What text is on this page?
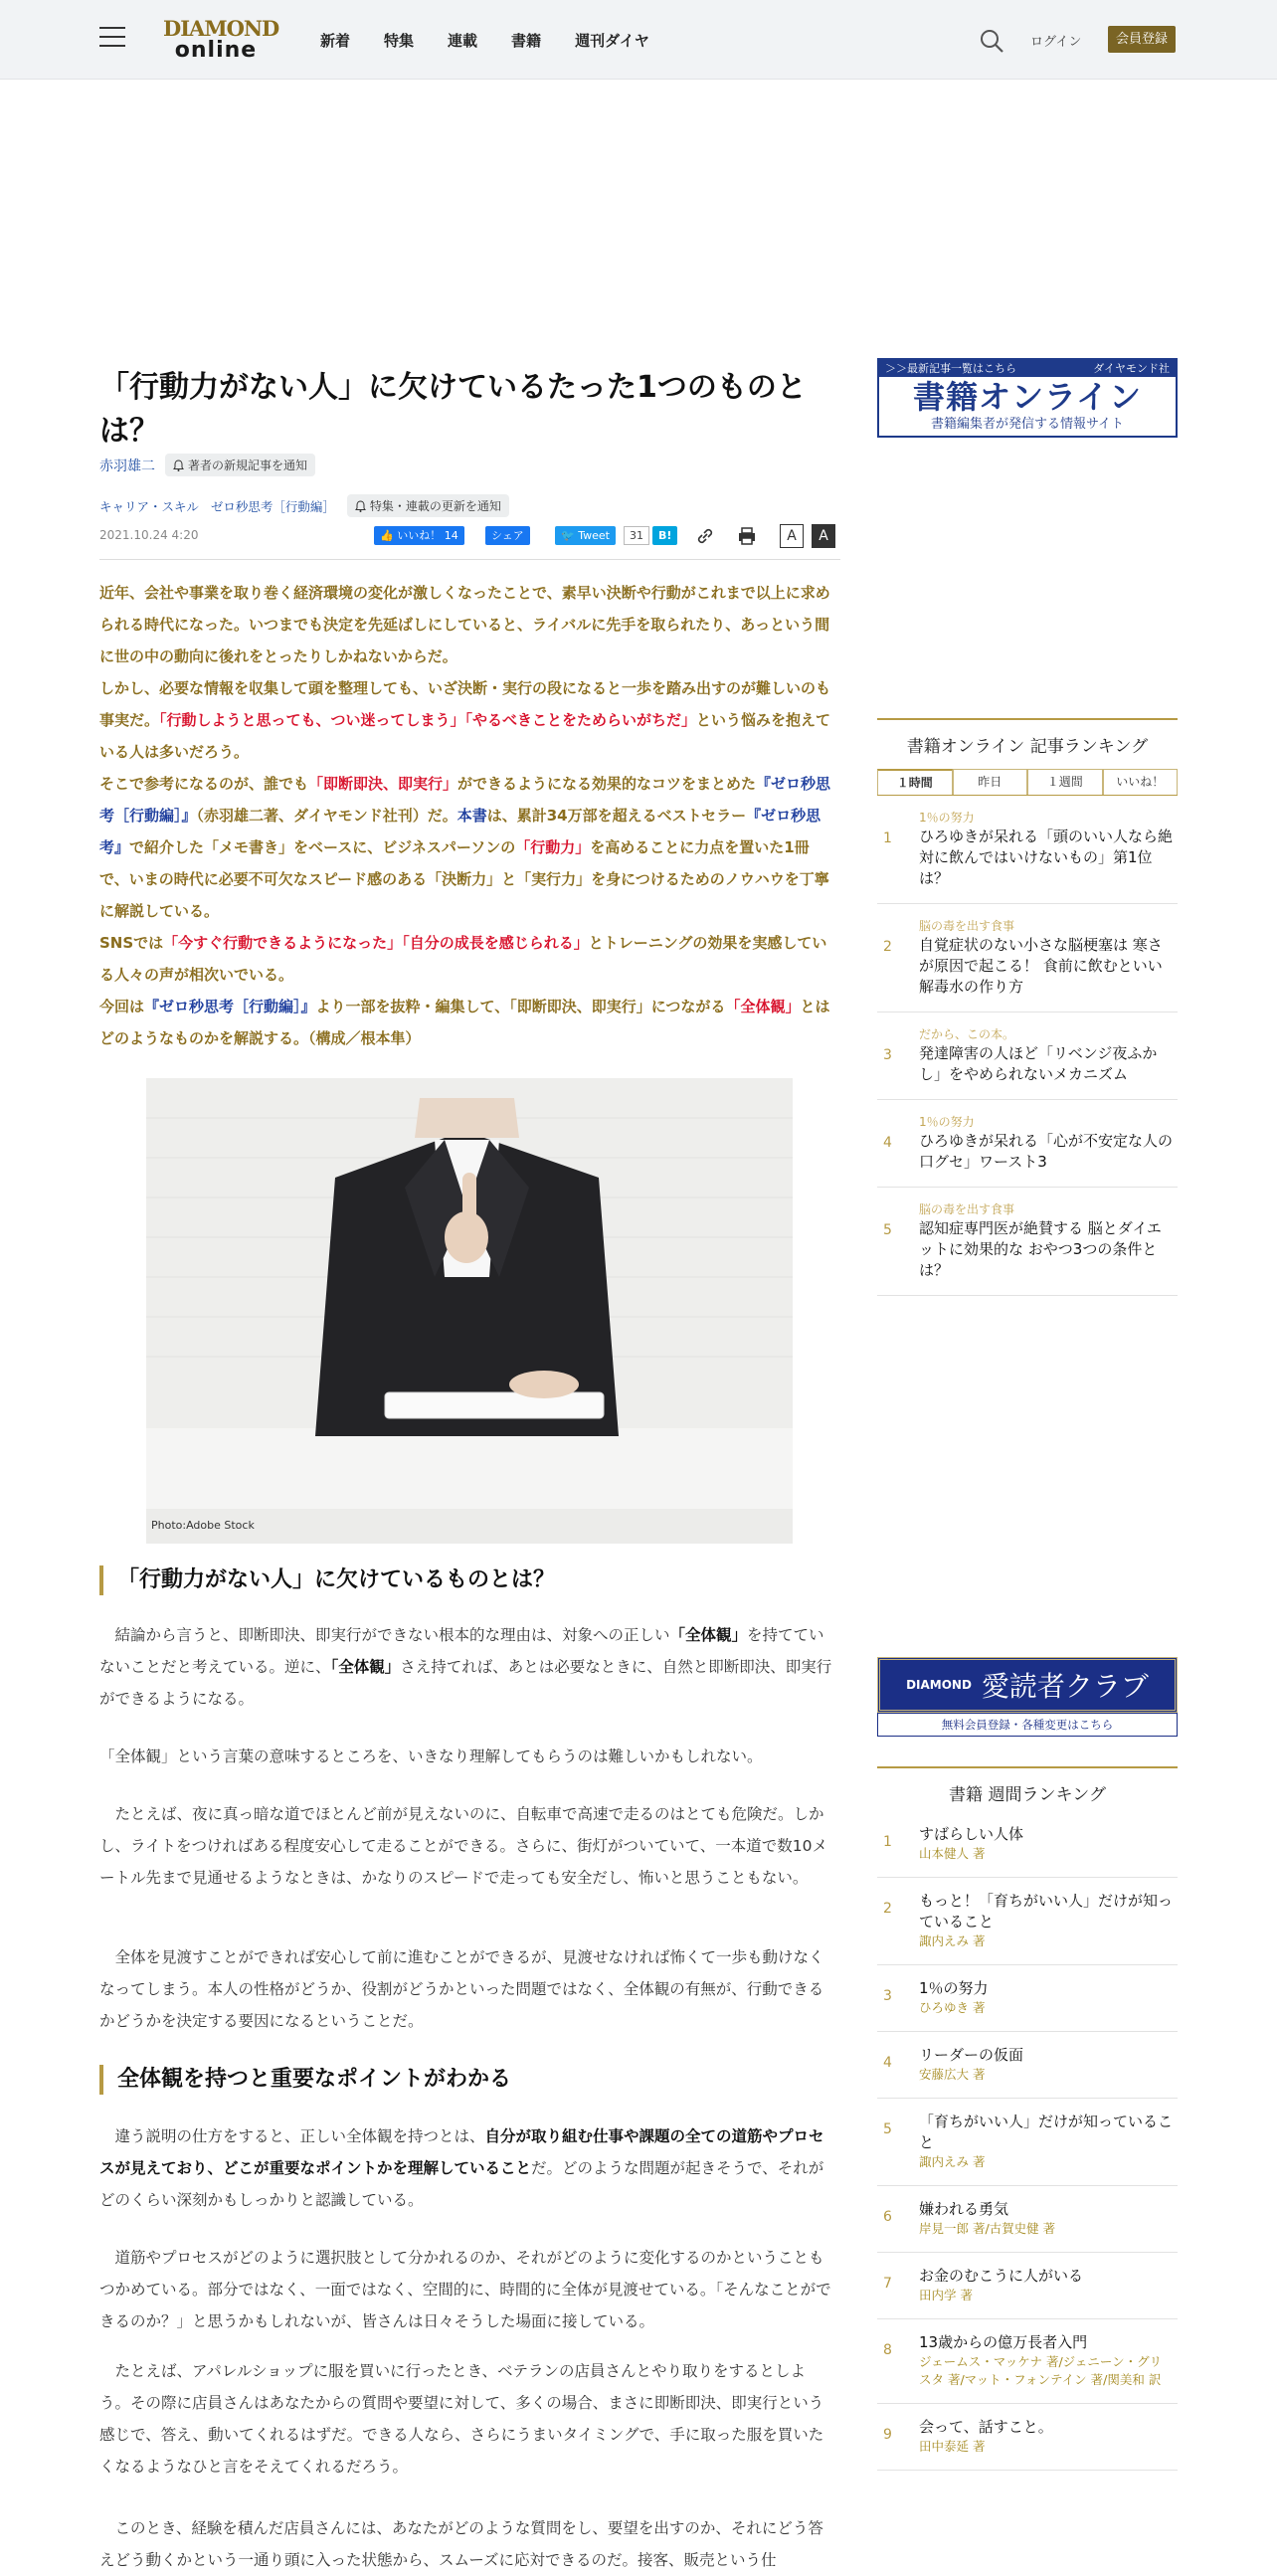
DIAMOND
online	新着 特集 連載 書籍 週刊ダイヤ	ログイン	会員登録
「行動力がない人」に欠けているたった1つのものとは？
赤羽雄二	著者の新規記事を通知
キャリア・スキル ゼロ秒思考［行動編］	特集・連載の更新を通知
2021.10.24 4:20	👍 いいね！ 14	シェア	🐦 Tweet	31	B!	A	A

近年、会社や事業を取り巻く経済環境の変化が激しくなったことで、素早い決断や行動がこれまで以上に求められる時代になった。いつまでも決定を先延ばしにしていると、ライバルに先手を取られたり、あっという間に世の中の動向に後れをとったりしかねないからだ。

しかし、必要な情報を収集して頭を整理しても、いざ決断・実行の段になると一歩を踏み出すのが難しいのも事実だ。「行動しようと思っても、つい迷ってしまう」「やるべきことをためらいがちだ」という悩みを抱えている人は多いだろう。

そこで参考になるのが、誰でも「即断即決、即実行」ができるようになる効果的なコツをまとめた『ゼロ秒思考［行動編］』（赤羽雄二著、ダイヤモンド社刊）だ。本書は、累計34万部を超えるベストセラー『ゼロ秒思考』で紹介した「メモ書き」をベースに、ビジネスパーソンの「行動力」を高めることに力点を置いた1冊で、いまの時代に必要不可欠なスピード感のある「決断力」と「実行力」を身につけるためのノウハウを丁寧に解説している。

SNSでは「今すぐ行動できるようになった」「自分の成長を感じられる」とトレーニングの効果を実感している人々の声が相次いでいる。

今回は『ゼロ秒思考［行動編］』より一部を抜粋・編集して、「即断即決、即実行」につながる「全体観」とはどのようなものかを解説する。（構成／根本隼）

Photo:Adobe Stock
「行動力がない人」に欠けているものとは？

　結論から言うと、即断即決、即実行ができない根本的な理由は、対象への正しい「全体観」を持てていないことだと考えている。逆に、「全体観」さえ持てれば、あとは必要なときに、自然と即断即決、即実行ができるようになる。

「全体観」という言葉の意味するところを、いきなり理解してもらうのは難しいかもしれない。

　たとえば、夜に真っ暗な道でほとんど前が見えないのに、自転車で高速で走るのはとても危険だ。しかし、ライトをつければある程度安心して走ることができる。さらに、街灯がついていて、一本道で数10メートル先まで見通せるようなときは、かなりのスピードで走っても安全だし、怖いと思うこともない。

　全体を見渡すことができれば安心して前に進むことができるが、見渡せなければ怖くて一歩も動けなくなってしまう。本人の性格がどうか、役割がどうかといった問題ではなく、全体観の有無が、行動できるかどうかを決定する要因になるということだ。

全体観を持つと重要なポイントがわかる

　違う説明の仕方をすると、正しい全体観を持つとは、自分が取り組む仕事や課題の全ての道筋やプロセスが見えており、どこが重要なポイントかを理解していることだ。どのような問題が起きそうで、それがどのくらい深刻かもしっかりと認識している。

　道筋やプロセスがどのように選択肢として分かれるのか、それがどのように変化するのかということもつかめている。部分ではなく、一面ではなく、空間的に、時間的に全体が見渡せている。「そんなことができるのか？」と思うかもしれないが、皆さんは日々そうした場面に接している。

　たとえば、アパレルショップに服を買いに行ったとき、ベテランの店員さんとやり取りをするとしよう。その際に店員さんはあなたからの質問や要望に対して、多くの場合、まさに即断即決、即実行という感じで、答え、動いてくれるはずだ。できる人なら、さらにうまいタイミングで、手に取った服を買いたくなるようなひと言をそえてくれるだろう。

　このとき、経験を積んだ店員さんには、あなたがどのような質問をし、要望を出すのか、それにどう答えどう動くかという一通り頭に入った状態から、スムーズに応対できるのだ。接客、販売という仕

＞＞最新記事一覧はこちら	ダイヤモンド社
書籍オンライン
書籍編集者が発信する情報サイト
書籍オンライン 記事ランキング
１時間	昨日	１週間	いいね！
1
1％の努力
ひろゆきが呆れる「頭のいい人なら絶対に飲んではいけないもの」第1位は？
2
脳の毒を出す食事
自覚症状のない小さな脳梗塞は 寒さが原因で起こる！ 食前に飲むといい解毒水の作り方
3
だから、この本。
発達障害の人ほど「リベンジ夜ふかし」をやめられないメカニズム
4
1％の努力
ひろゆきが呆れる「心が不安定な人の口グセ」ワースト3
5
脳の毒を出す食事
認知症専門医が絶賛する 脳とダイエットに効果的な おやつ3つの条件とは？
DIAMOND 愛読者クラブ
無料会員登録・各種変更はこちら
書籍 週間ランキング
1	すばらしい人体
山本健人 著
2	もっと！「育ちがいい人」だけが知っていること
諏内えみ 著
3	1％の努力
ひろゆき 著
4	リーダーの仮面
安藤広大 著
5	「育ちがいい人」だけが知っていること
諏内えみ 著
6	嫌われる勇気
岸見一郎 著/古賀史健 著
7	お金のむこうに人がいる
田内学 著
8	13歳からの億万長者入門
ジェームス・マッケナ 著/ジェニーン・グリスタ 著/マット・フォンテイン 著/関美和 訳
9	会って、話すこと。
田中泰延 著
